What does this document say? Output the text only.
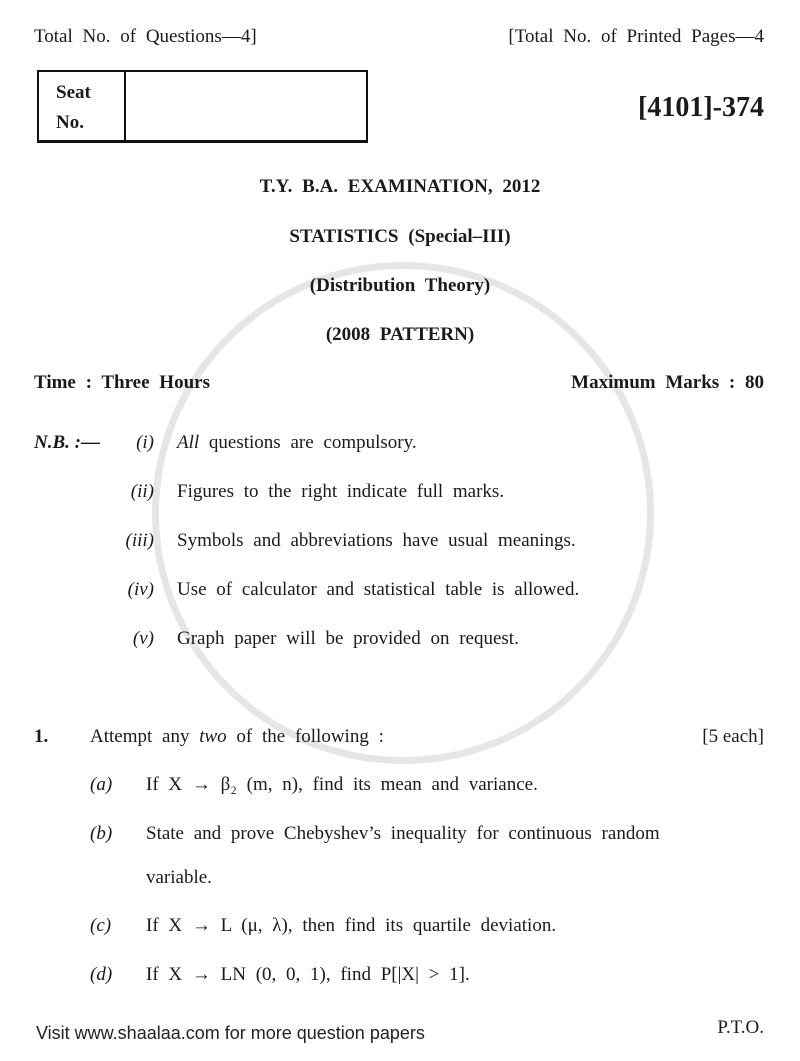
Total No. of Questions—4]	[Total No. of Printed Pages—4
Seat
No.	[4101]-374
T.Y. B.A. EXAMINATION, 2012
STATISTICS (Special–III)
(Distribution Theory)
(2008 PATTERN)
Time : Three Hours	Maximum Marks : 80
N.B. :—	(i) All questions are compulsory.
(ii) Figures to the right indicate full marks.
(iii) Symbols and abbreviations have usual meanings.
(iv) Use of calculator and statistical table is allowed.
(v) Graph paper will be provided on request.
1. Attempt any two of the following :	[5 each]
(a) If X → β₂ (m, n), find its mean and variance.
(b) State and prove Chebyshev’s inequality for continuous random
variable.
(c) If X → L (μ, λ), then find its quartile deviation.
(d) If X → LN (0, 0, 1), find P[|X| > 1].
Visit www.shaalaa.com for more question papers	P.T.O.
